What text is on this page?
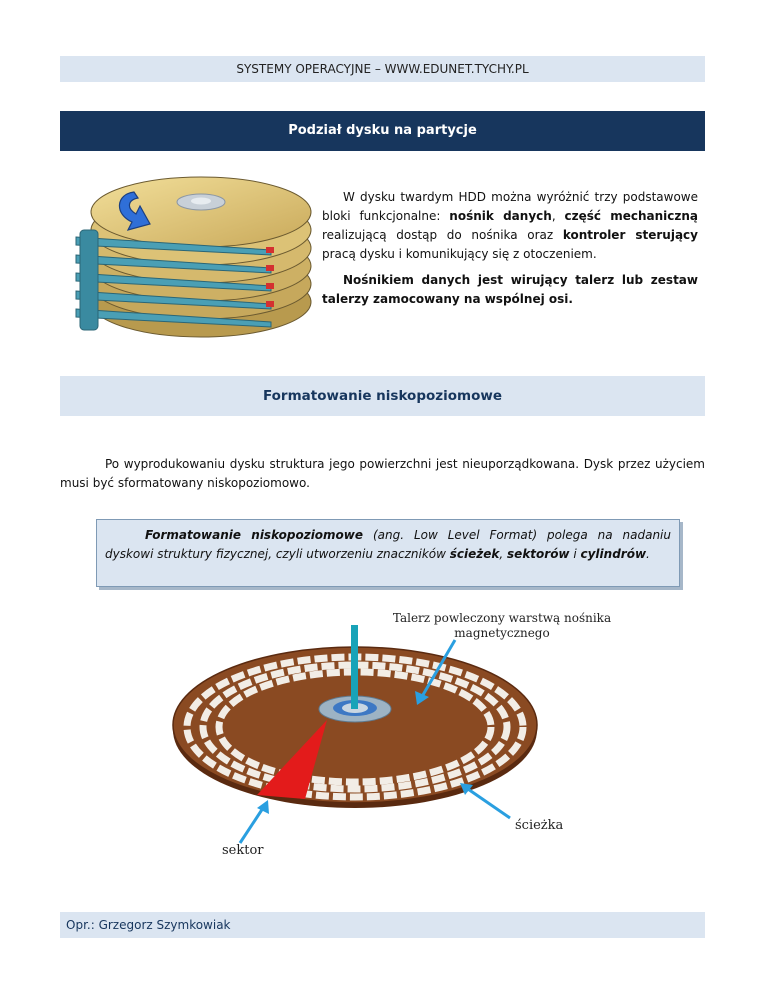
SYSTEMY OPERACYJNE – WWW.EDUNET.TYCHY.PL
Podział dysku na partycje

W dysku twardym HDD można wyróżnić trzy podstawowe bloki funkcjonalne: nośnik danych, część mechaniczną realizującą dostąp do nośnika oraz kontroler sterujący pracą dysku i komunikujący się z otoczeniem.

Nośnikiem danych jest wirujący talerz lub zestaw talerzy zamocowany na wspólnej osi.

Formatowanie niskopoziomowe

Po wyprodukowaniu dysku struktura jego powierzchni jest nieuporządkowana. Dysk przez użyciem musi być sformatowany niskopoziomowo.

Formatowanie niskopoziomowe (ang. Low Level Format) polega na nadaniu dyskowi struktury fizycznej, czyli utworzeniu znaczników ścieżek, sektorów i cylindrów.

Talerz powleczony warstwą nośnika magnetycznego
ścieżka
sektor
Opr.: Grzegorz Szymkowiak
